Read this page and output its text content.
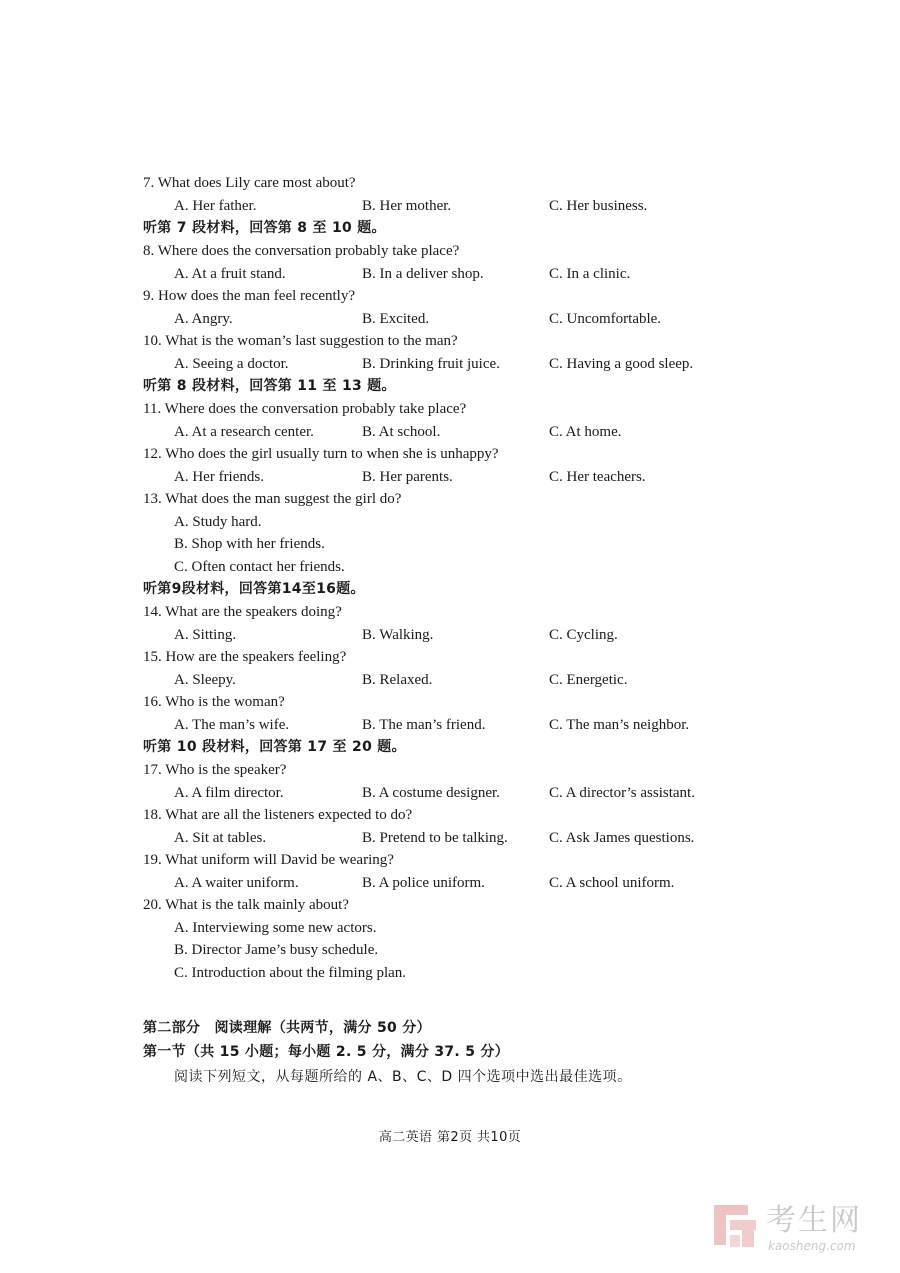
7. What does Lily care most about?
A. Her father.	B. Her mother.	C. Her business.
听第 7 段材料，回答第 8 至 10 题。
8. Where does the conversation probably take place?
A. At a fruit stand.	B. In a deliver shop.	C. In a clinic.
9. How does the man feel recently?
A. Angry.	B. Excited.	C. Uncomfortable.
10. What is the woman’s last suggestion to the man?
A. Seeing a doctor.	B. Drinking fruit juice.	C. Having a good sleep.
听第 8 段材料，回答第 11 至 13 题。
11. Where does the conversation probably take place?
A. At a research center.	B. At school.	C. At home.
12. Who does the girl usually turn to when she is unhappy?
A. Her friends.	B. Her parents.	C. Her teachers.
13. What does the man suggest the girl do?
A. Study hard.
B. Shop with her friends.
C. Often contact her friends.
听第9段材料，回答第14至16题。
14. What are the speakers doing?
A. Sitting.	B. Walking.	C. Cycling.
15. How are the speakers feeling?
A. Sleepy.	B. Relaxed.	C. Energetic.
16. Who is the woman?
A. The man’s wife.	B. The man’s friend.	C. The man’s neighbor.
听第 10 段材料，回答第 17 至 20 题。
17. Who is the speaker?
A. A film director.	B. A costume designer.	C. A director’s assistant.
18. What are all the listeners expected to do?
A. Sit at tables.	B. Pretend to be talking.	C. Ask James questions.
19. What uniform will David be wearing?
A. A waiter uniform.	B. A police uniform.	C. A school uniform.
20. What is the talk mainly about?
A. Interviewing some new actors.
B. Director Jame’s busy schedule.
C. Introduction about the filming plan.
第二部分　阅读理解（共两节，满分 50 分）
第一节（共 15 小题；每小题 2. 5 分，满分 37. 5 分）
阅读下列短文，从每题所给的 A、B、C、D 四个选项中选出最佳选项。
高二英语 第2页 共10页
考生网
kaosheng.com
